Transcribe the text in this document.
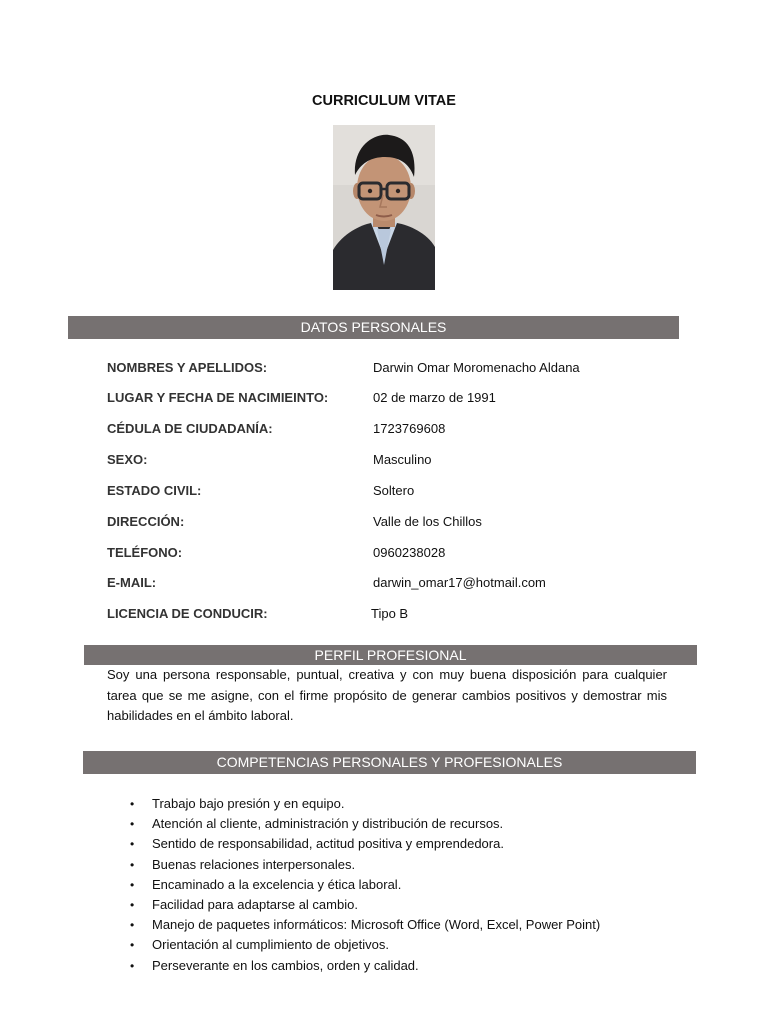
CURRICULUM VITAE
DATOS PERSONALES
NOMBRES Y APELLIDOS:	Darwin Omar Moromenacho Aldana
LUGAR Y FECHA DE NACIMIEINTO:	02 de marzo de 1991
CÉDULA DE CIUDADANÍA:	1723769608
SEXO:	Masculino
ESTADO CIVIL:	Soltero
DIRECCIÓN:	Valle de los Chillos
TELÉFONO:	0960238028
E-MAIL:	darwin_omar17@hotmail.com
LICENCIA DE CONDUCIR:	Tipo B
PERFIL PROFESIONAL
Soy una persona responsable, puntual, creativa y con muy buena disposición para cualquier tarea que se me asigne, con el firme propósito de generar cambios positivos y demostrar mis habilidades en el ámbito laboral.
COMPETENCIAS PERSONALES Y PROFESIONALES
• Trabajo bajo presión y en equipo.
• Atención al cliente, administración y distribución de recursos.
• Sentido de responsabilidad, actitud positiva y emprendedora.
• Buenas relaciones interpersonales.
• Encaminado a la excelencia y ética laboral.
• Facilidad para adaptarse al cambio.
• Manejo de paquetes informáticos: Microsoft Office (Word, Excel, Power Point)
• Orientación al cumplimiento de objetivos.
• Perseverante en los cambios, orden y calidad.
